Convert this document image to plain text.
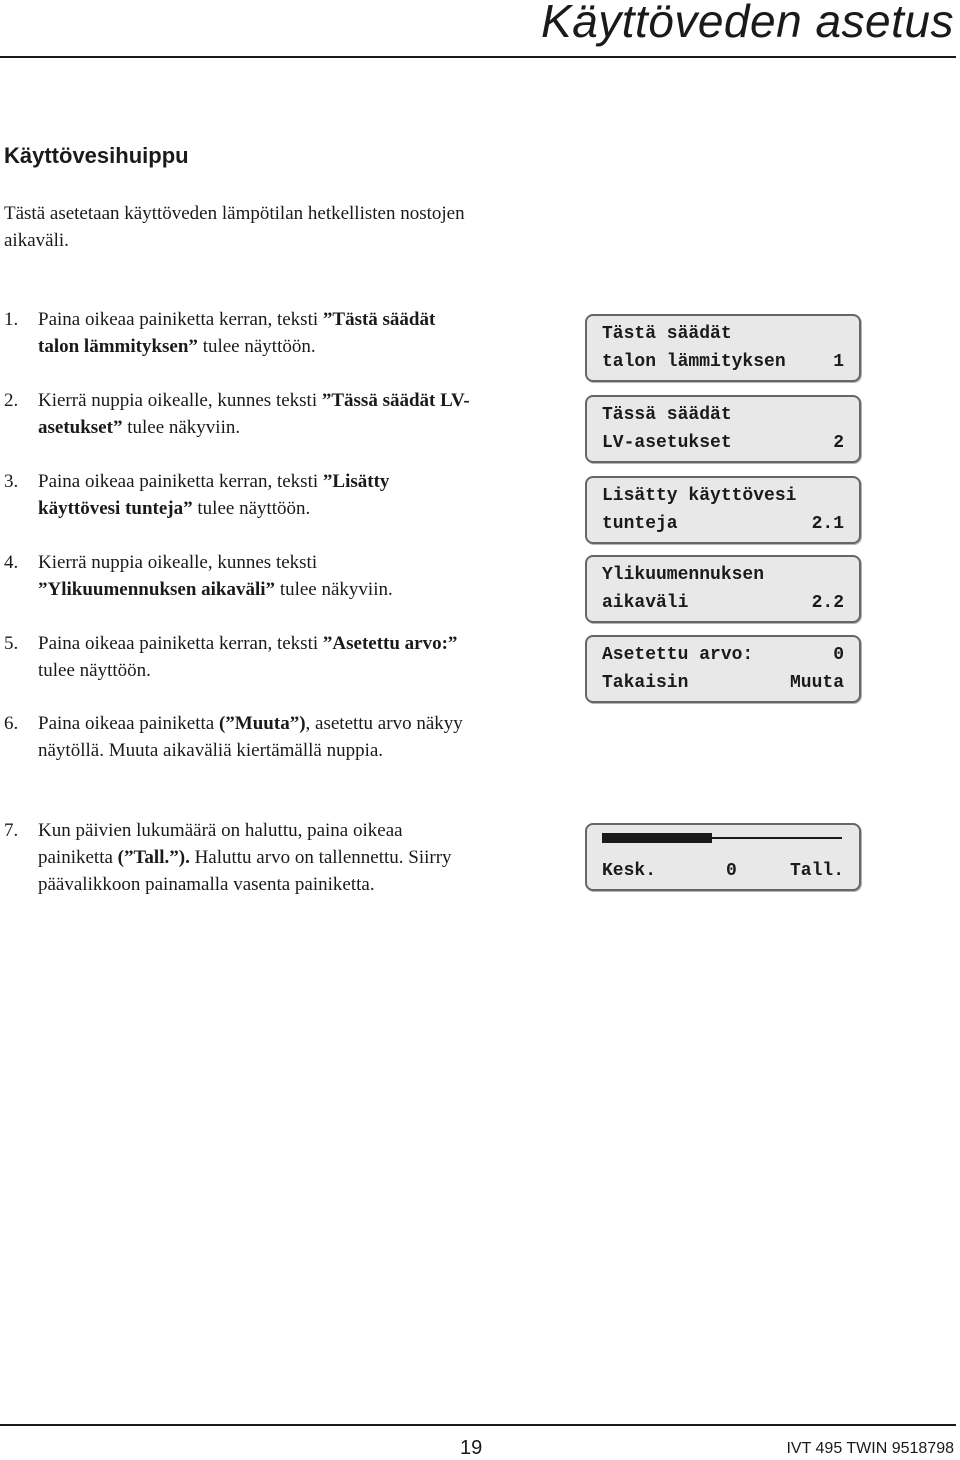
Käyttöveden asetus
Käyttövesihuippu

Tästä asetetaan käyttöveden lämpötilan hetkellisten nostojen aikaväli.

1. Paina oikeaa painiketta kerran, teksti ”Tästä säädät talon lämmityksen” tulee näyttöön.
2. Kierrä nuppia oikealle, kunnes teksti ”Tässä säädät LV-asetukset” tulee näkyviin.
3. Paina oikeaa painiketta kerran, teksti ”Lisätty käyttövesi tunteja” tulee näyttöön.
4. Kierrä nuppia oikealle, kunnes teksti ”Ylikuumennuksen aikaväli” tulee näkyviin.
5. Paina oikeaa painiketta kerran, teksti ”Asetettu arvo:” tulee näyttöön.
6. Paina oikeaa painiketta (”Muuta”), asetettu arvo näkyy näytöllä. Muuta aikaväliä kiertämällä nuppia.
7. Kun päivien lukumäärä on haluttu, paina oikeaa painiketta (”Tall.”). Haluttu arvo on tallennettu. Siirry päävalikkoon painamalla vasenta painiketta.
Tästä säädät
talon lämmityksen	1
Tässä säädät
LV-asetukset	2
Lisätty käyttövesi
tunteja	2.1
Ylikuumennuksen
aikaväli	2.2
Asetettu arvo:	0
Takaisin	Muuta
Kesk.	0	Tall.
19	IVT 495 TWIN 9518798
